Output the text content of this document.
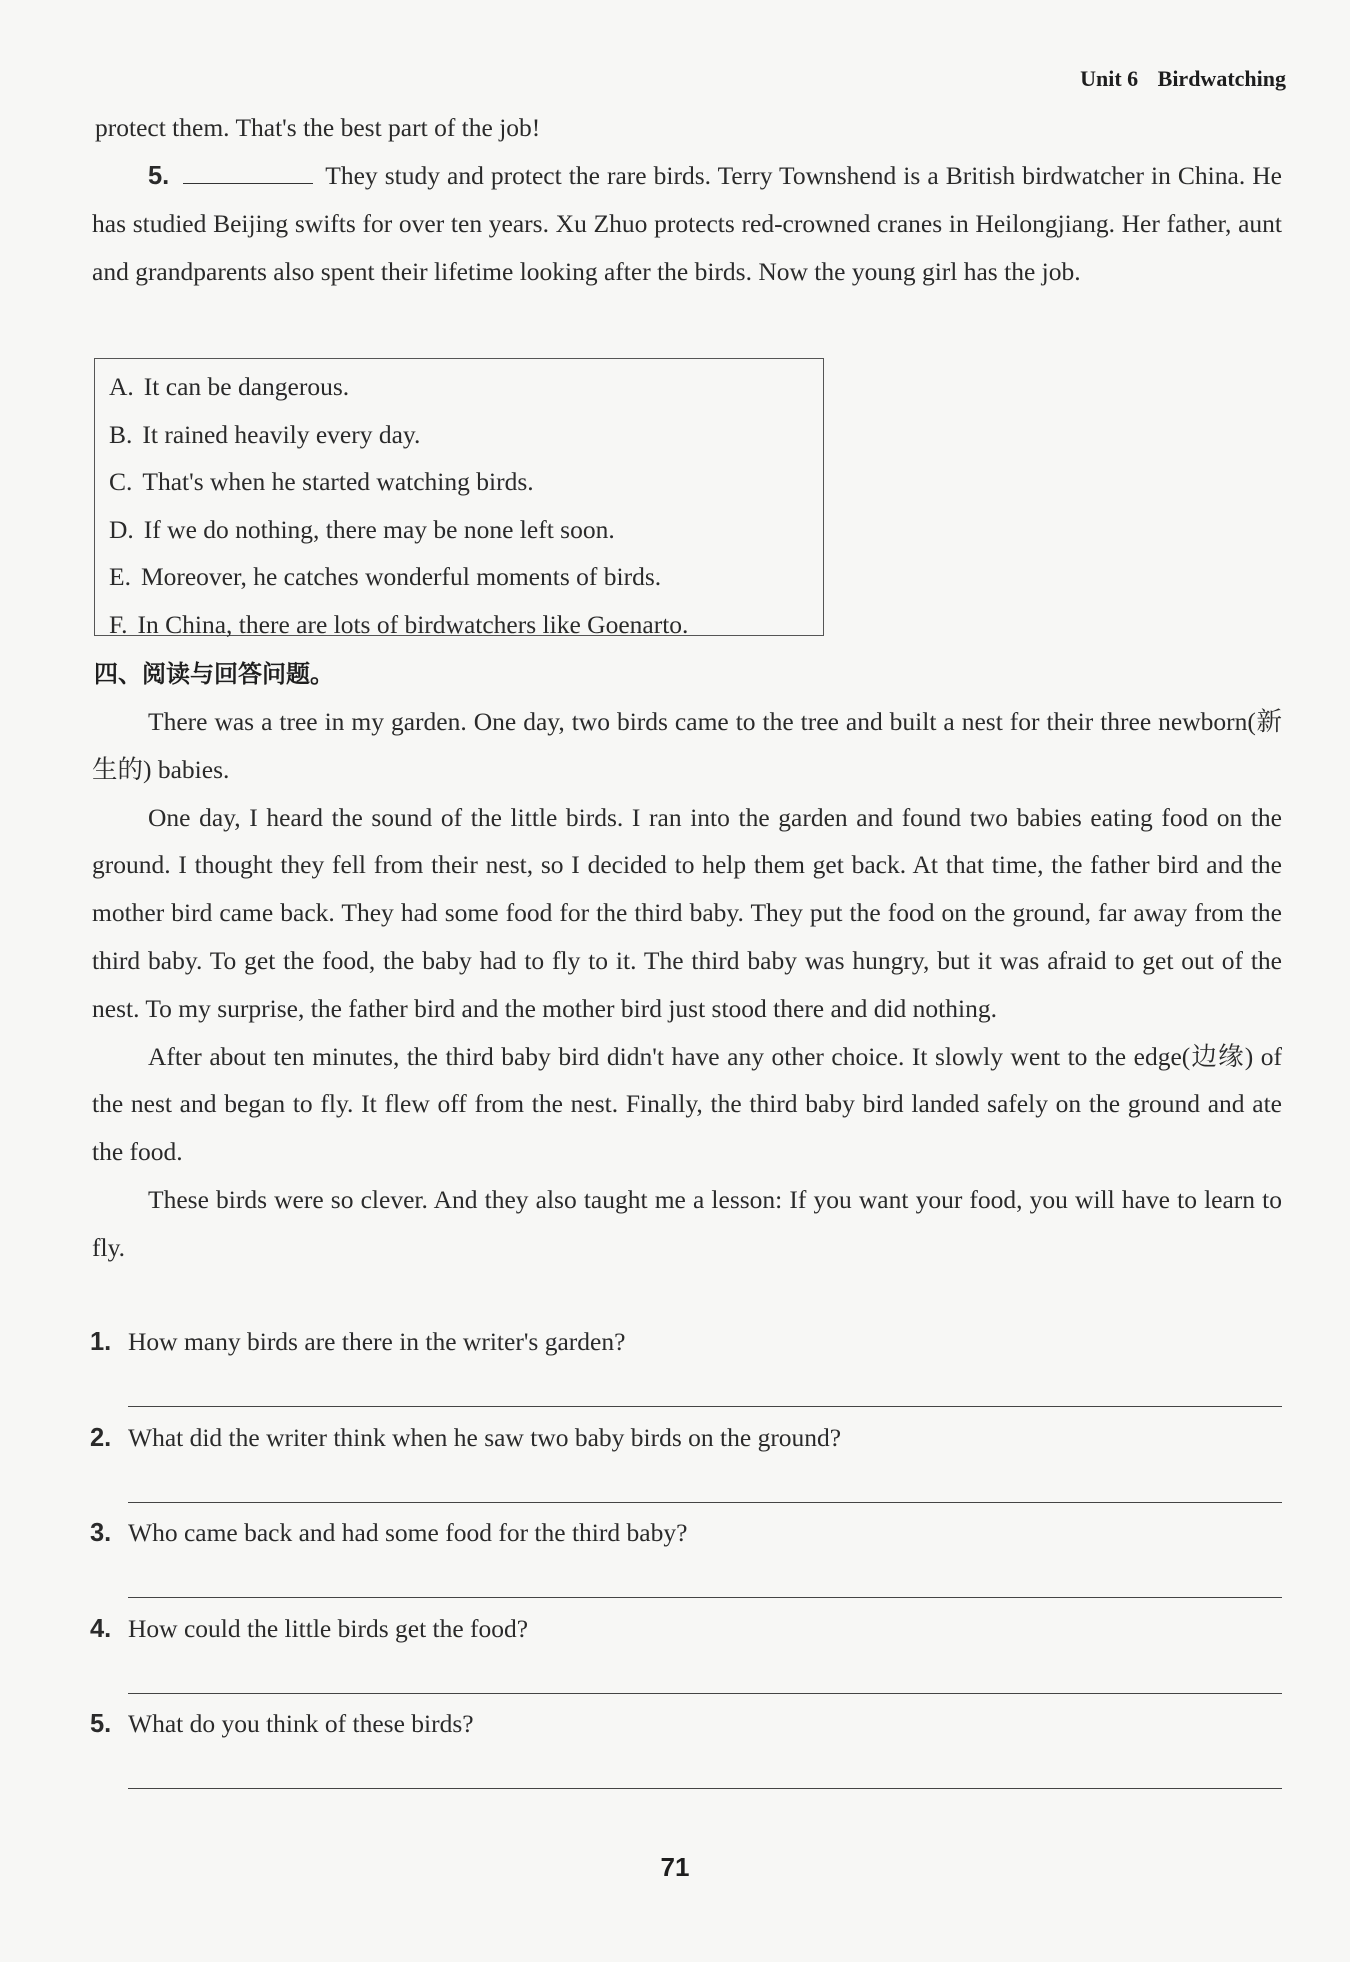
Unit 6 Birdwatching
protect them. That's the best part of the job!
5.	They study and protect the rare birds. Terry Townshend is a British birdwatcher in China. He has studied Beijing swifts for over ten years. Xu Zhuo protects red-crowned cranes in Heilongjiang. Her father, aunt and grandparents also spent their lifetime looking after the birds. Now the young girl has the job.
A. It can be dangerous.
B. It rained heavily every day.
C. That's when he started watching birds.
D. If we do nothing, there may be none left soon.
E. Moreover, he catches wonderful moments of birds.
F. In China, there are lots of birdwatchers like Goenarto.
四、阅读与回答问题。

There was a tree in my garden. One day, two birds came to the tree and built a nest for their three newborn(新生的) babies.

One day, I heard the sound of the little birds. I ran into the garden and found two babies eating food on the ground. I thought they fell from their nest, so I decided to help them get back. At that time, the father bird and the mother bird came back. They had some food for the third baby. They put the food on the ground, far away from the third baby. To get the food, the baby had to fly to it. The third baby was hungry, but it was afraid to get out of the nest. To my surprise, the father bird and the mother bird just stood there and did nothing.

After about ten minutes, the third baby bird didn't have any other choice. It slowly went to the edge(边缘) of the nest and began to fly. It flew off from the nest. Finally, the third baby bird landed safely on the ground and ate the food.

These birds were so clever. And they also taught me a lesson: If you want your food, you will have to learn to fly.

1. How many birds are there in the writer's garden?
2. What did the writer think when he saw two baby birds on the ground?
3. Who came back and had some food for the third baby?
4. How could the little birds get the food?
5. What do you think of these birds?
71
